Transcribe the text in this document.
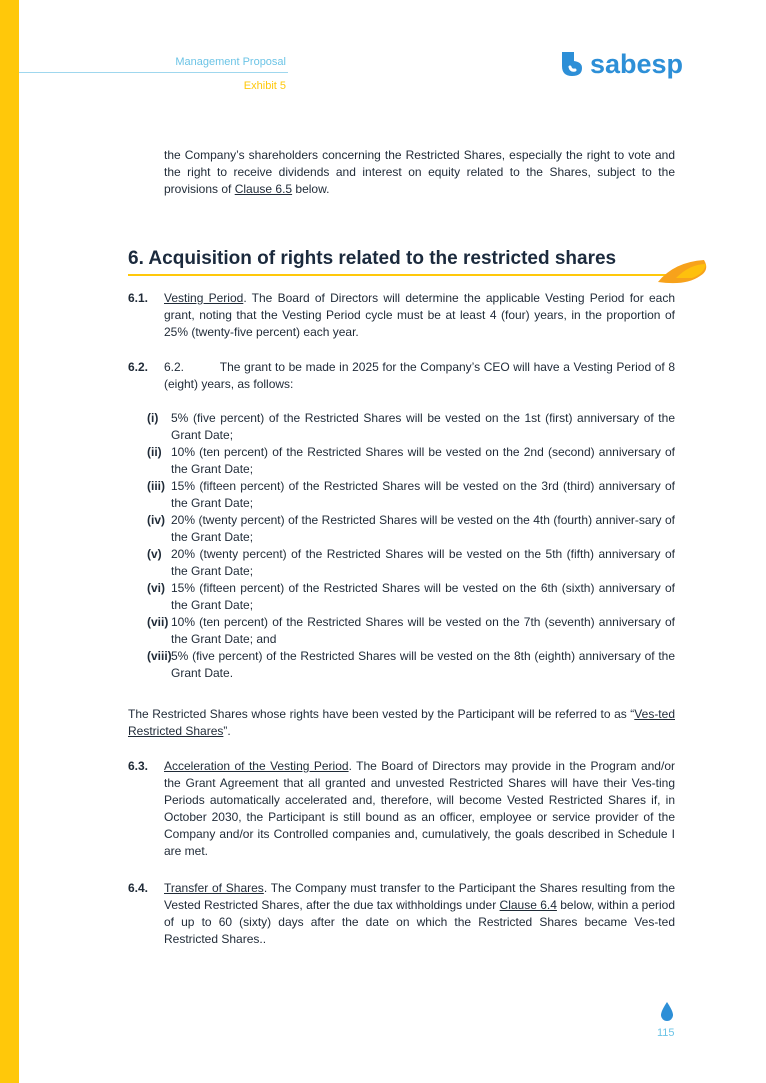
Management Proposal
Exhibit 5
sabesp

the Company’s shareholders concerning the Restricted Shares, especially the right to vote and the right to receive dividends and interest on equity related to the Shares, subject to the provisions of Clause 6.5 below.

6. Acquisition of rights related to the restricted shares
6.1. Vesting Period. The Board of Directors will determine the applicable Vesting Period for each grant, noting that the Vesting Period cycle must be at least 4 (four) years, in the proportion of 25% (twenty-five percent) each year.
6.2. 6.2.          The grant to be made in 2025 for the Company’s CEO will have a Vesting Period of 8 (eight) years, as follows:
(i) 5% (five percent) of the Restricted Shares will be vested on the 1st (first) anniversary of the Grant Date;
(ii) 10% (ten percent) of the Restricted Shares will be vested on the 2nd (second) anniversary of the Grant Date;
(iii) 15% (fifteen percent) of the Restricted Shares will be vested on the 3rd (third) anniversary of the Grant Date;
(iv) 20% (twenty percent) of the Restricted Shares will be vested on the 4th (fourth) anniver-sary of the Grant Date;
(v) 20% (twenty percent) of the Restricted Shares will be vested on the 5th (fifth) anniversary of the Grant Date;
(vi) 15% (fifteen percent) of the Restricted Shares will be vested on the 6th (sixth) anniversary of the Grant Date;
(vii) 10% (ten percent) of the Restricted Shares will be vested on the 7th (seventh) anniversary of the Grant Date; and
(viii) 5% (five percent) of the Restricted Shares will be vested on the 8th (eighth) anniversary of the Grant Date.

The Restricted Shares whose rights have been vested by the Participant will be referred to as “Ves-ted Restricted Shares”.

6.3. Acceleration of the Vesting Period. The Board of Directors may provide in the Program and/or the Grant Agreement that all granted and unvested Restricted Shares will have their Ves-ting Periods automatically accelerated and, therefore, will become Vested Restricted Shares if, in October 2030, the Participant is still bound as an officer, employee or service provider of the Company and/or its Controlled companies and, cumulatively, the goals described in Schedule I are met.
6.4. Transfer of Shares. The Company must transfer to the Participant the Shares resulting from the Vested Restricted Shares, after the due tax withholdings under Clause 6.4 below, within a period of up to 60 (sixty) days after the date on which the Restricted Shares became Ves-ted Restricted Shares..
115
